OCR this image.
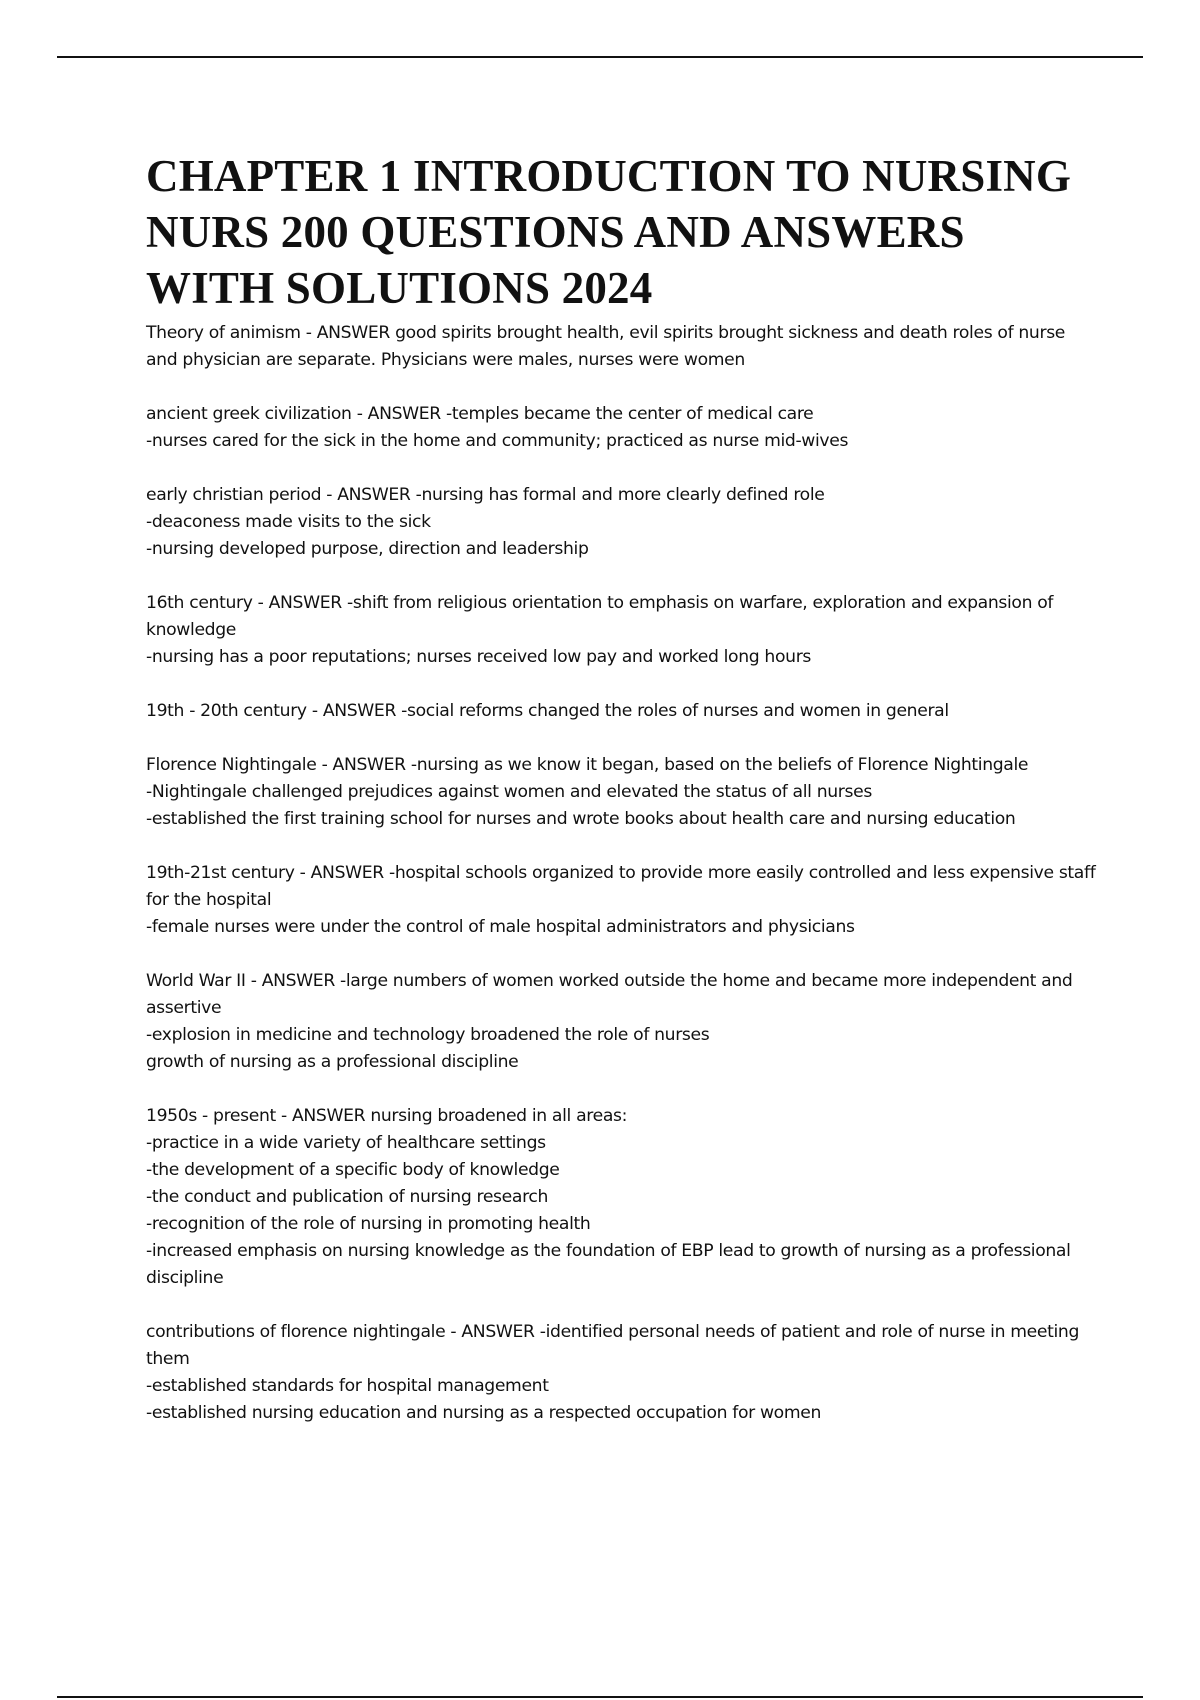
CHAPTER 1 INTRODUCTION TO NURSING NURS 200 QUESTIONS AND ANSWERS WITH SOLUTIONS 2024
Theory of animism - ANSWER good spirits brought health, evil spirits brought sickness and death roles of nurse and physician are separate. Physicians were males, nurses were women
ancient greek civilization - ANSWER -temples became the center of medical care
-nurses cared for the sick in the home and community; practiced as nurse mid-wives
early christian period - ANSWER -nursing has formal and more clearly defined role
-deaconess made visits to the sick
-nursing developed purpose, direction and leadership
16th century - ANSWER -shift from religious orientation to emphasis on warfare, exploration and expansion of knowledge
-nursing has a poor reputations; nurses received low pay and worked long hours
19th - 20th century - ANSWER -social reforms changed the roles of nurses and women in general
Florence Nightingale - ANSWER -nursing as we know it began, based on the beliefs of Florence Nightingale
-Nightingale challenged prejudices against women and elevated the status of all nurses
-established the first training school for nurses and wrote books about health care and nursing education
19th-21st century - ANSWER -hospital schools organized to provide more easily controlled and less expensive staff for the hospital
-female nurses were under the control of male hospital administrators and physicians
World War II - ANSWER -large numbers of women worked outside the home and became more independent and assertive
-explosion in medicine and technology broadened the role of nurses
growth of nursing as a professional discipline
1950s - present - ANSWER nursing broadened in all areas:
-practice in a wide variety of healthcare settings
-the development of a specific body of knowledge
-the conduct and publication of nursing research
-recognition of the role of nursing in promoting health
-increased emphasis on nursing knowledge as the foundation of EBP lead to growth of nursing as a professional discipline
contributions of florence nightingale - ANSWER -identified personal needs of patient and role of nurse in meeting them
-established standards for hospital management
-established nursing education and nursing as a respected occupation for women
